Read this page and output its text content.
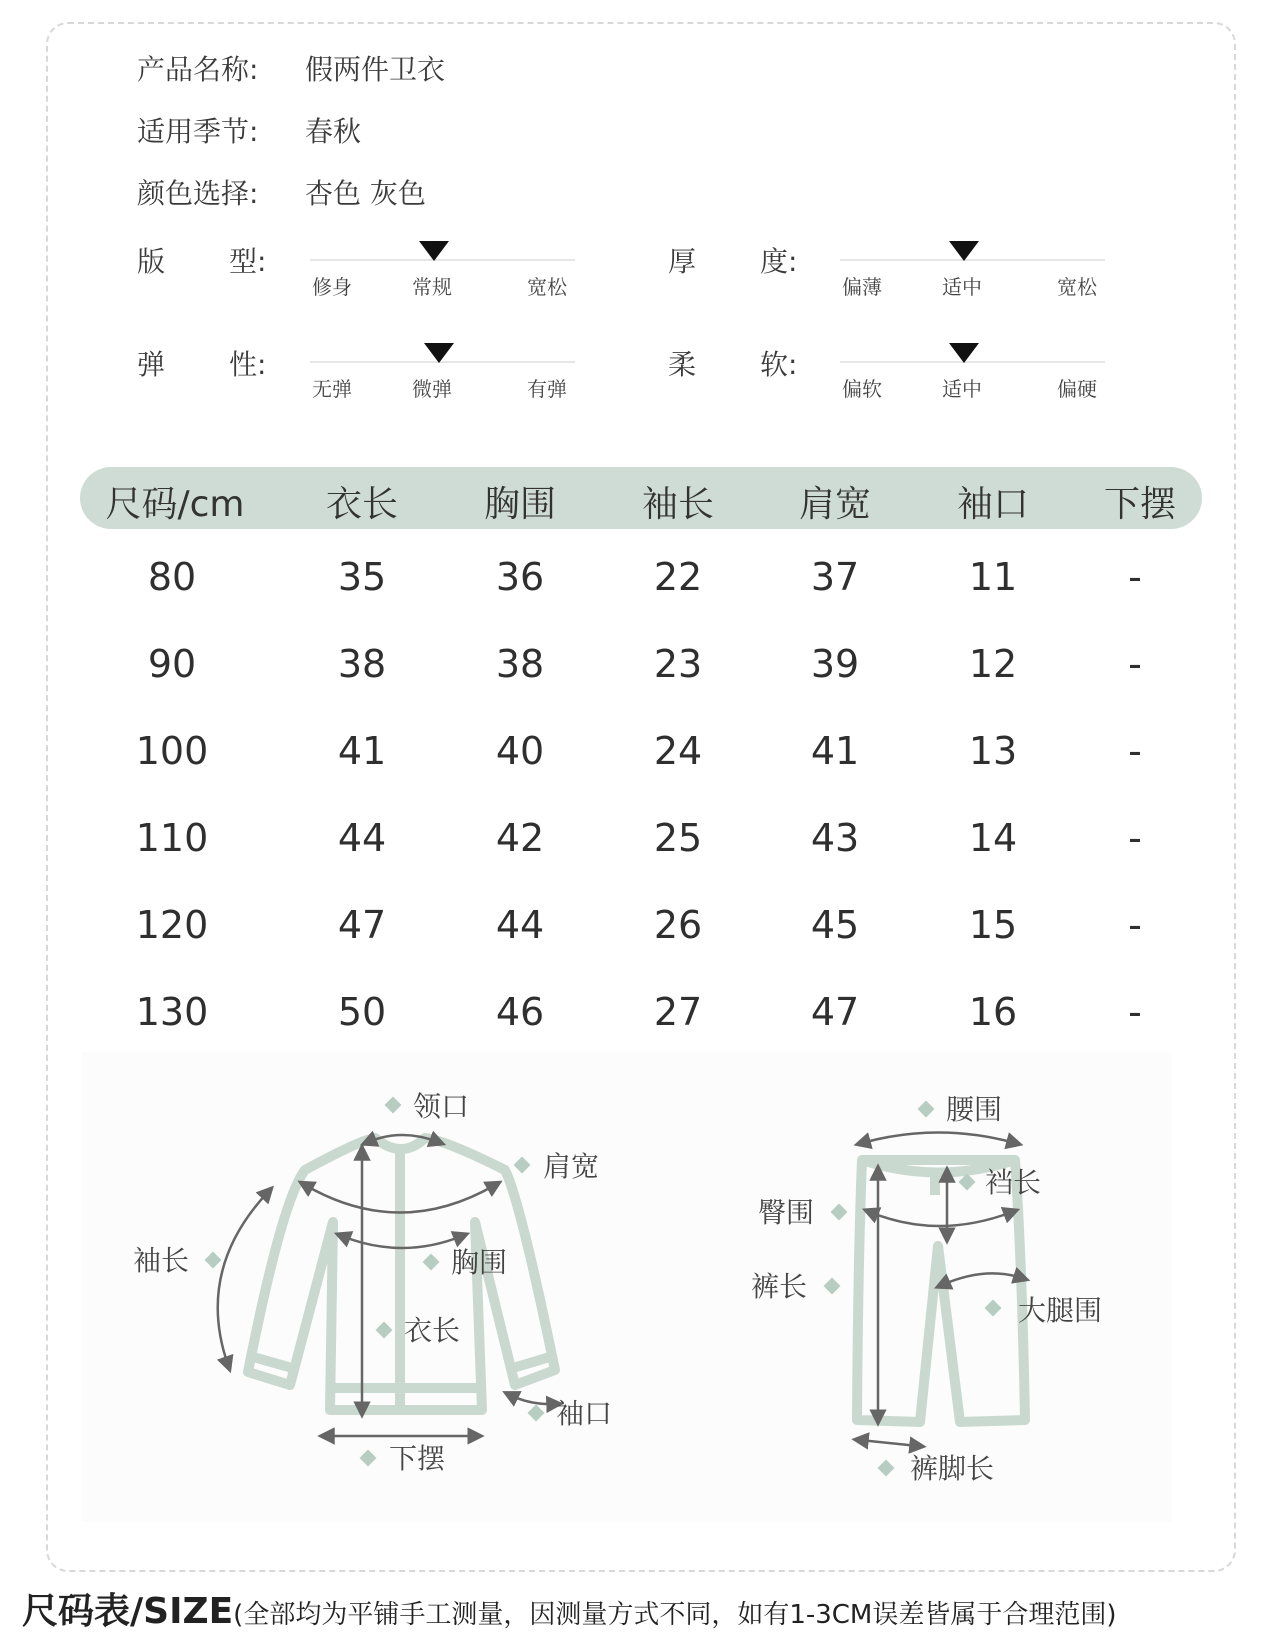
产品名称: 假两件卫衣
适用季节: 春秋
颜色选择: 杏色 灰色
版 型:	厚 度:
弹 性:	柔 软:
修身	常规	宽松	偏薄	适中	宽松
无弹	微弹	有弹	偏软	适中	偏硬
尺码/cm 衣长 胸围 袖长 肩宽 袖口 下摆
80	35	36	22	37	11	-
90	38	38	23	39	12	-
100	41	40	24	41	13	-
110	44	42	25	43	14	-
120	47	44	26	45	15	-
130	50	46	27	47	16	-
领口
肩宽
袖长	胸围
衣长
袖口
下摆
腰围
裆长
臀围
裤长
大腿围
裤脚长
尺码表/SIZE(全部均为平铺手工测量，因测量方式不同，如有1-3CM误差皆属于合理范围)
